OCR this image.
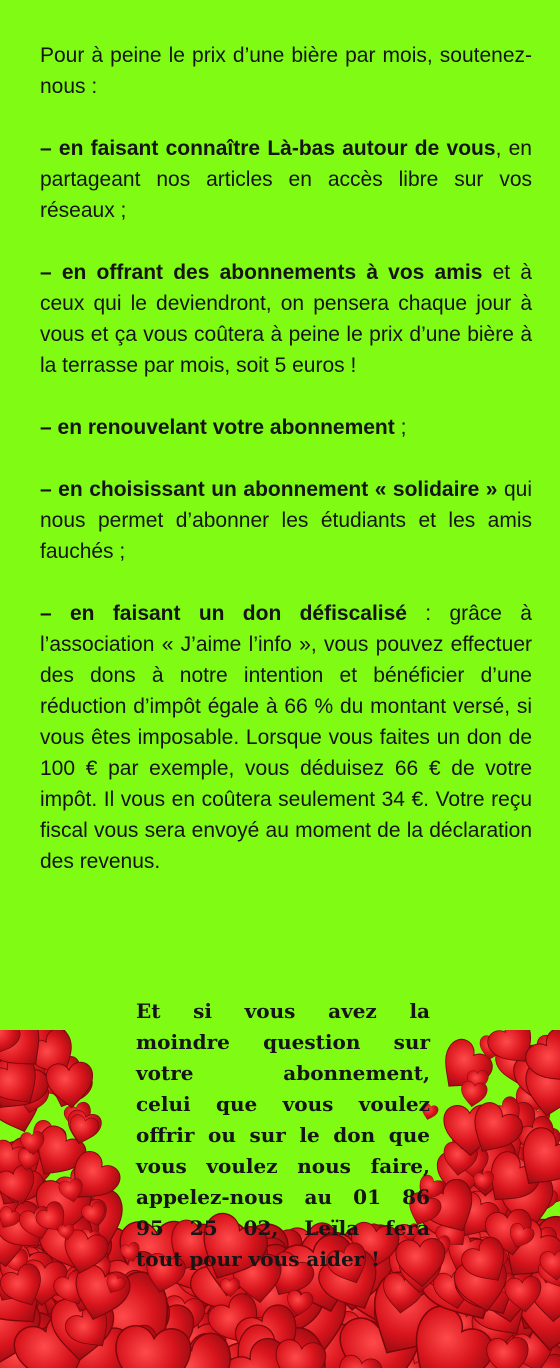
Pour à peine le prix d’une bière par mois, soutenez-nous :

– en faisant connaître Là-bas autour de vous, en partageant nos articles en accès libre sur vos réseaux ;

– en offrant des abonnements à vos amis et à ceux qui le deviendront, on pensera chaque jour à vous et ça vous coûtera à peine le prix d’une bière à la terrasse par mois, soit 5 euros !

– en renouvelant votre abonnement ;

– en choisissant un abonnement « solidaire » qui nous permet d’abonner les étudiants et les amis fauchés ;

– en faisant un don défiscalisé : grâce à l’association « J’aime l’info », vous pouvez effectuer des dons à notre intention et bénéficier d’une réduction d’impôt égale à 66 % du montant versé, si vous êtes imposable. Lorsque vous faites un don de 100 € par exemple, vous déduisez 66 € de votre impôt. Il vous en coûtera seulement 34 €. Votre reçu fiscal vous sera envoyé au moment de la déclaration des revenus.

Et si vous avez la
moindre question sur
votre abonnement,
celui que vous voulez
offrir ou sur le don que
vous voulez nous faire,
appelez-nous au 01 86
95 25 02, Leïla fera
tout pour vous aider !
